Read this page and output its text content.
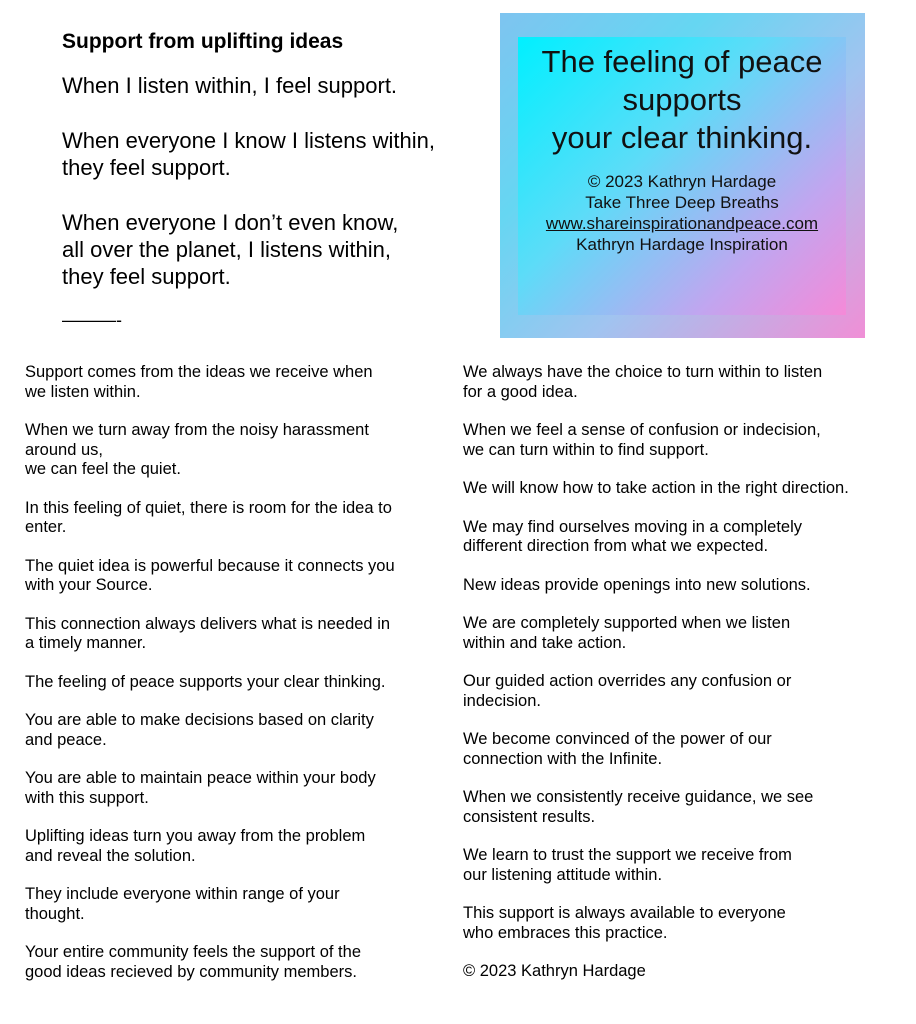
Support from uplifting ideas

When I listen within, I feel support.

When everyone I know I listens within,
they feel support.

When everyone I don’t even know,
all over the planet, I listens within,
they feel support.

———-

The feeling of peace
supports
your clear thinking.

© 2023 Kathryn Hardage
Take Three Deep Breaths
www.shareinspirationandpeace.com
Kathryn Hardage Inspiration

Support comes from the ideas we receive when
we listen within.

When we turn away from the noisy harassment
around us,
we can feel the quiet.

In this feeling of quiet, there is room for the idea to
enter.

The quiet idea is powerful because it connects you
with your Source.

This connection always delivers what is needed in
a timely manner.

The feeling of peace supports your clear thinking.

You are able to make decisions based on clarity
and peace.

You are able to maintain peace within your body
with this support.

Uplifting ideas turn you away from the problem
and reveal the solution.

They include everyone within range of your
thought.

Your entire community feels the support of the
good ideas recieved by community members.

We always have the choice to turn within to listen
for a good idea.

When we feel a sense of confusion or indecision,
we can turn within to find support.

We will know how to take action in the right direction.

We may find ourselves moving in a completely
different direction from what we expected.

New ideas provide openings into new solutions.

We are completely supported when we listen
within and take action.

Our guided action overrides any confusion or
indecision.

We become convinced of the power of our
connection with the Infinite.

When we consistently receive guidance, we see
consistent results.

We learn to trust the support we receive from
our listening attitude within.

This support is always available to everyone
who embraces this practice.

© 2023 Kathryn Hardage
